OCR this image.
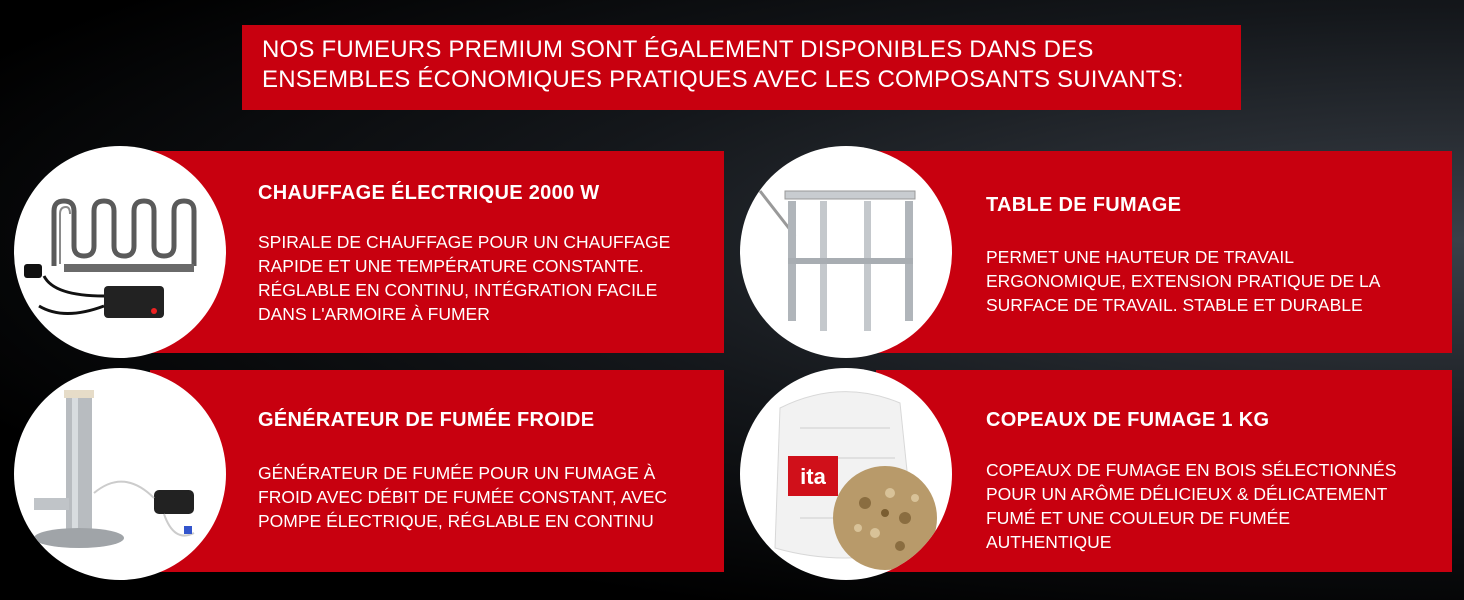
NOS FUMEURS PREMIUM SONT ÉGALEMENT DISPONIBLES DANS DES
ENSEMBLES ÉCONOMIQUES PRATIQUES AVEC LES COMPOSANTS SUIVANTS:
CHAUFFAGE ÉLECTRIQUE 2000 W
SPIRALE DE CHAUFFAGE POUR UN CHAUFFAGE
RAPIDE ET UNE TEMPÉRATURE CONSTANTE.
RÉGLABLE EN CONTINU, INTÉGRATION FACILE
DANS L'ARMOIRE À FUMER
TABLE DE FUMAGE
PERMET UNE HAUTEUR DE TRAVAIL
ERGONOMIQUE, EXTENSION PRATIQUE DE LA
SURFACE DE TRAVAIL. STABLE ET DURABLE
GÉNÉRATEUR DE FUMÉE FROIDE
GÉNÉRATEUR DE FUMÉE POUR UN FUMAGE À
FROID AVEC DÉBIT DE FUMÉE CONSTANT, AVEC
POMPE ÉLECTRIQUE, RÉGLABLE EN CONTINU
COPEAUX DE FUMAGE 1 KG
COPEAUX DE FUMAGE EN BOIS SÉLECTIONNÉS
POUR UN ARÔME DÉLICIEUX & DÉLICATEMENT
FUMÉ ET UNE COULEUR DE FUMÉE
AUTHENTIQUE
ita
